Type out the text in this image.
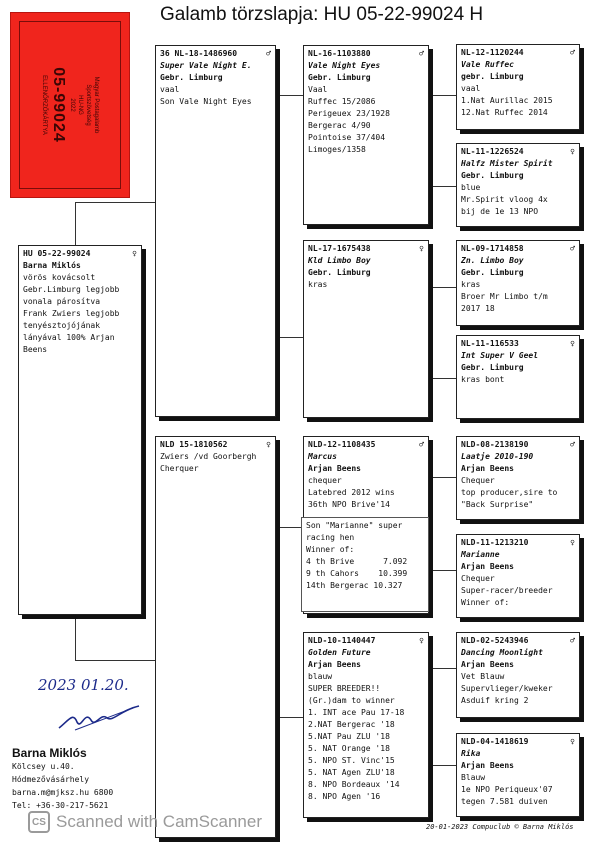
Galamb törzslapja: HU 05-22-99024 H
Magyar Postagalamb
Sportszövetség
HU-NG
2022
05-99024
ELLENŐRZŐKÁRTYA
HU 05-22-99024	♀
Barna Miklós
vörös kovácsolt
Gebr.Limburg legjobb
vonala párosítva
Frank Zwiers legjobb
tenyésztojójának
lányával 100% Arjan
Beens
36 NL-18-1486960	♂
Super Vale Night E.
Gebr. Limburg
vaal
Son Vale Night Eyes
NLD 15-1810562	♀
Zwiers /vd Goorbergh
Cherquer
NL-16-1103880	♂
Vale Night Eyes
Gebr. Limburg
Vaal
Ruffec 15/2086
Perigeuex 23/1928
Bergerac 4/90
Pointoise 37/404
Limoges/1358
NL-17-1675438	♀
Kld Limbo Boy
Gebr. Limburg
kras
NLD-12-1108435	♂
Marcus
Arjan Beens
chequer
Latebred 2012 wins
36th NPO Brive'14
Son "Marianne" super
racing hen
Winner of:
4 th Brive      7.092
9 th Cahors    10.399
14th Bergerac 10.327
NLD-10-1140447	♀
Golden Future
Arjan Beens
blauw
SUPER BREEDER!!
(Gr.)dam to winner
1. INT ace Pau 17-18
2.NAT Bergerac '18
5.NAT Pau ZLU '18
5. NAT Orange '18
5. NPO ST. Vinc'15
5. NAT Agen ZLU'18
8. NPO Bordeaux '14
8. NPO Agen '16
NL-12-1120244	♂
Vale Ruffec
gebr. Limburg
vaal
1.Nat Aurillac 2015
12.Nat Ruffec 2014
NL-11-1226524	♀
Halfz Mister Spirit
Gebr. Limburg
blue
Mr.Spirit vloog 4x
bij de 1e 13 NPO
NL-09-1714858	♂
Zn. Limbo Boy
Gebr. Limburg
kras
Broer Mr Limbo t/m
2017 18
NL-11-116533	♀
Int Super V Geel
Gebr. Limburg
kras bont
NLD-08-2138190	♂
Laatje 2010-190
Arjan Beens
Chequer
top producer,sire to
"Back Surprise"
NLD-11-1213210	♀
Marianne
Arjan Beens
Chequer
Super-racer/breeder
Winner of:
NLD-02-5243946	♂
Dancing Moonlight
Arjan Beens
Vet Blauw
Supervlieger/kweker
Asduif kring 2
NLD-04-1418619	♀
Rika
Arjan Beens
Blauw
1e NPO Periqueux'07
tegen 7.581 duiven
2023 01.20.
Barna Miklós
Kölcsey u.40.
Hódmezővásárhely
barna.m@mjksz.hu 6800
Tel: +36-30-217-5621
CS Scanned with CamScanner	20-01-2023 Compuclub © Barna Miklós
